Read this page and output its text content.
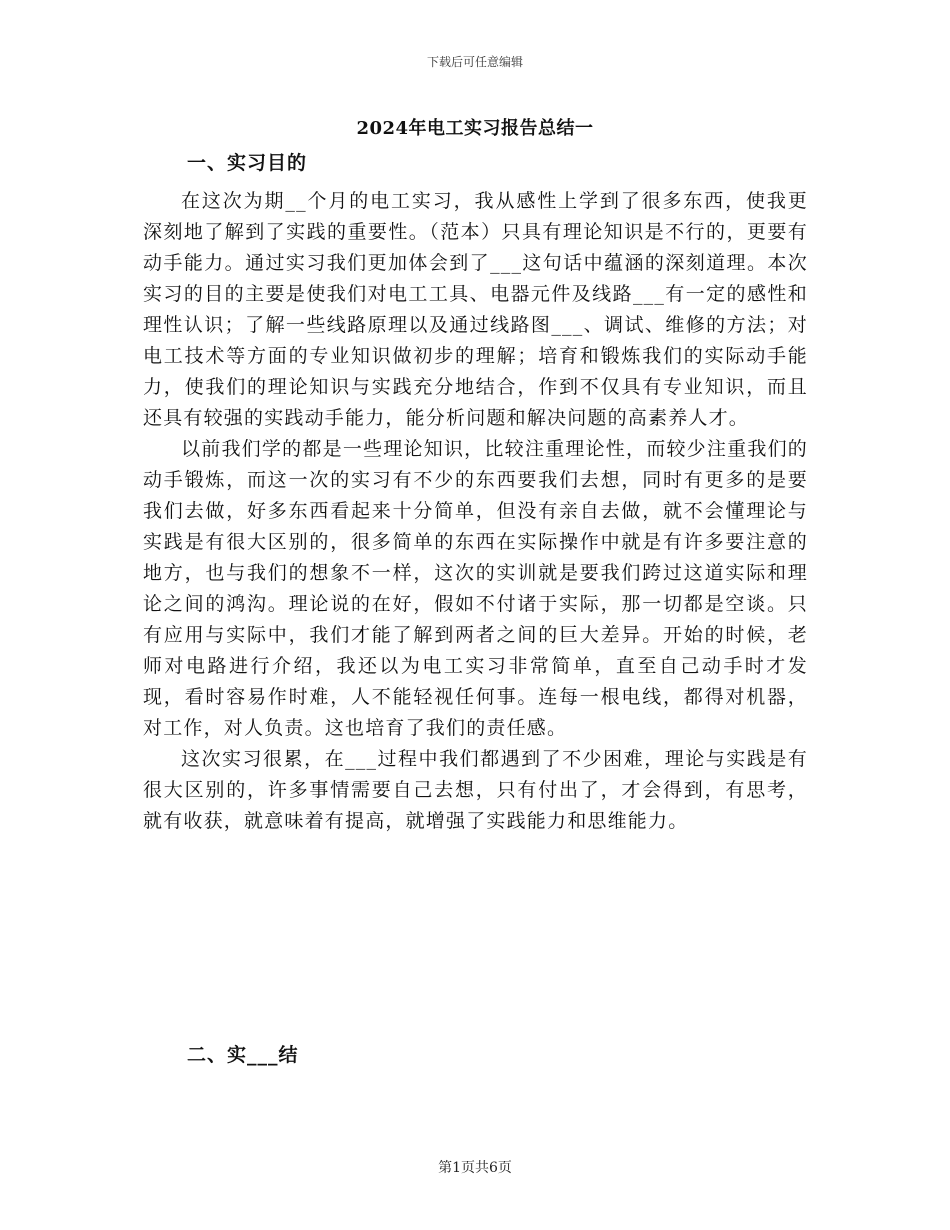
下载后可任意编辑
2024年电工实习报告总结一
一、实习目的

在这次为期__个月的电工实习，我从感性上学到了很多东西，使我更深刻地了解到了实践的重要性。（范本）只具有理论知识是不行的，更要有动手能力。通过实习我们更加体会到了___这句话中蕴涵的深刻道理。本次实习的目的主要是使我们对电工工具、电器元件及线路___有一定的感性和理性认识；了解一些线路原理以及通过线路图___、调试、维修的方法；对电工技术等方面的专业知识做初步的理解；培育和锻炼我们的实际动手能力，使我们的理论知识与实践充分地结合，作到不仅具有专业知识，而且还具有较强的实践动手能力，能分析问题和解决问题的高素养人才。

以前我们学的都是一些理论知识，比较注重理论性，而较少注重我们的动手锻炼，而这一次的实习有不少的东西要我们去想，同时有更多的是要我们去做，好多东西看起来十分简单，但没有亲自去做，就不会懂理论与实践是有很大区别的，很多简单的东西在实际操作中就是有许多要注意的地方，也与我们的想象不一样，这次的实训就是要我们跨过这道实际和理论之间的鸿沟。理论说的在好，假如不付诸于实际，那一切都是空谈。只有应用与实际中，我们才能了解到两者之间的巨大差异。开始的时候，老师对电路进行介绍，我还以为电工实习非常简单，直至自己动手时才发现，看时容易作时难，人不能轻视任何事。连每一根电线，都得对机器，对工作，对人负责。这也培育了我们的责任感。

这次实习很累，在___过程中我们都遇到了不少困难，理论与实践是有很大区别的，许多事情需要自己去想，只有付出了，才会得到，有思考，就有收获，就意味着有提高，就增强了实践能力和思维能力。

二、实___结
第1页共6页
